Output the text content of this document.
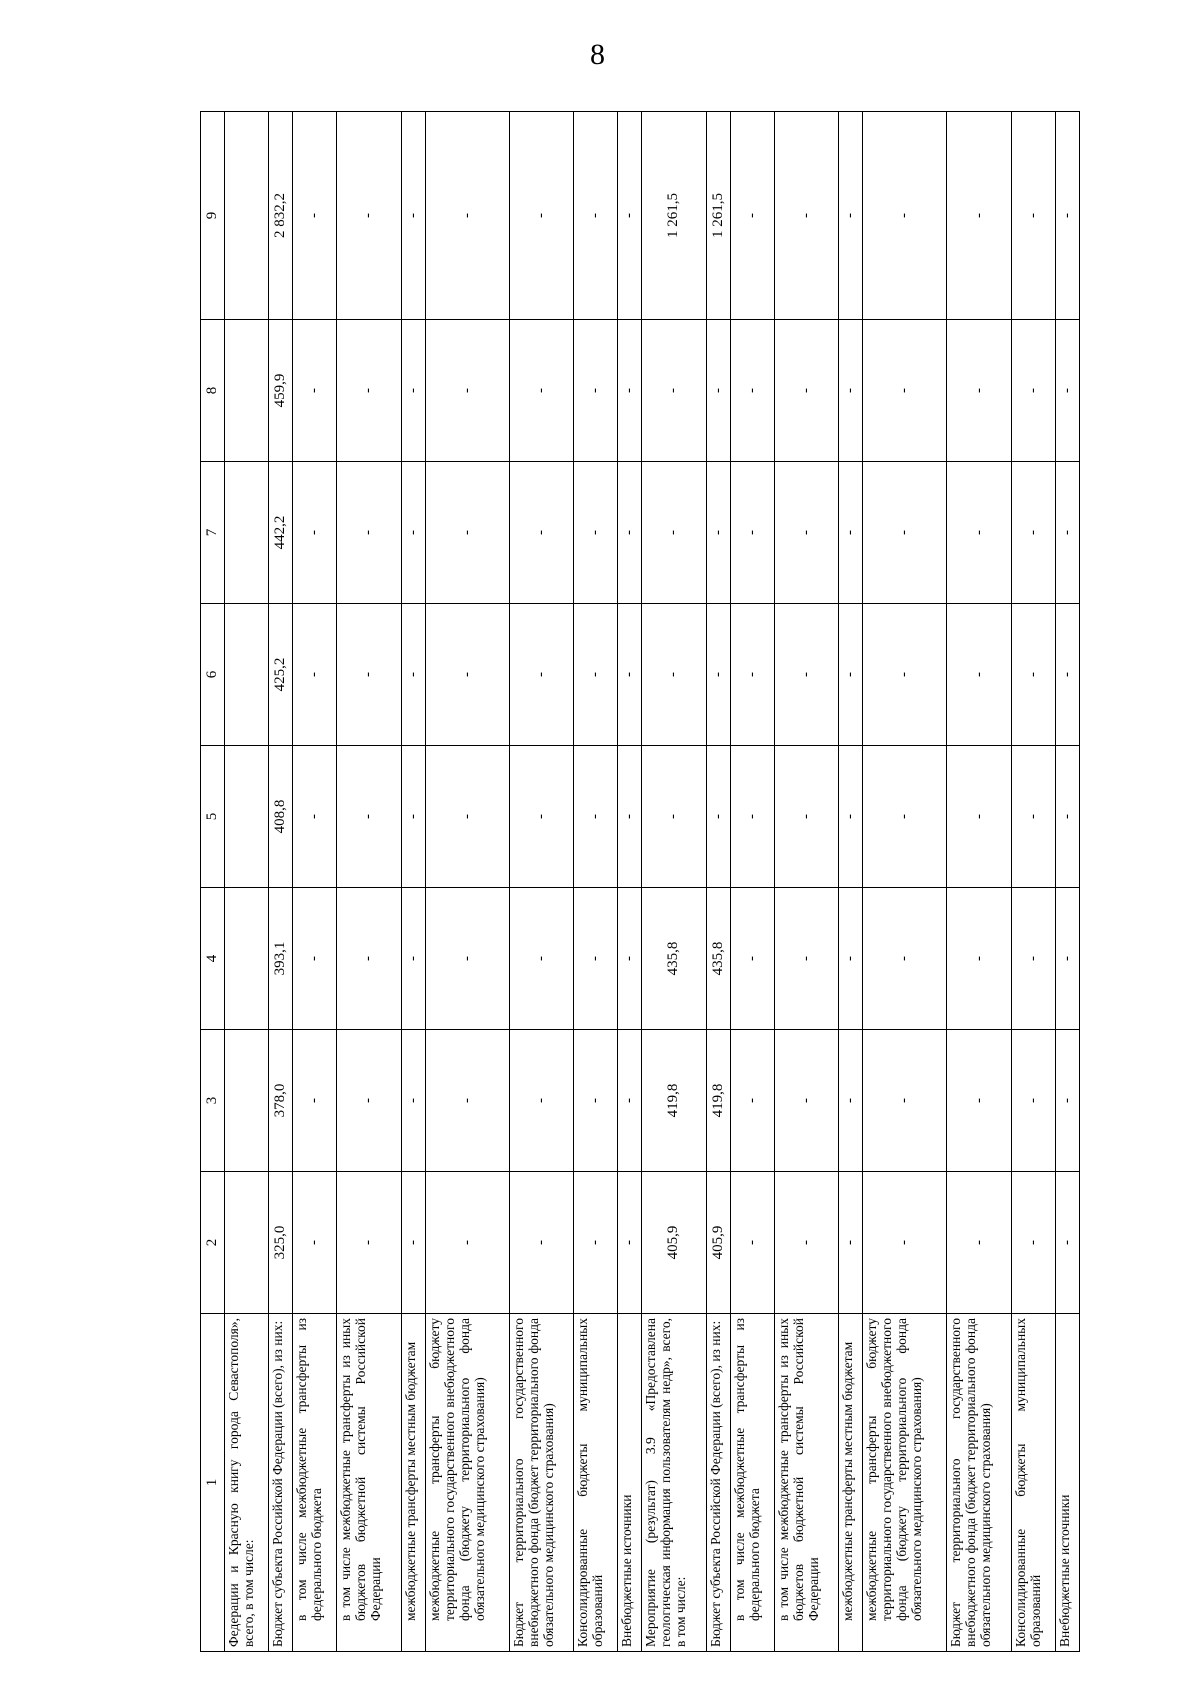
8
1	2	3	4	5	6	7	8	9
Федерации и Красную книгу города Севастополя», всего, в том числе:								
Бюджет субъекта Российской Федерации (всего), из них:	325,0	378,0	393,1	408,8	425,2	442,2	459,9	2 832,2
в том числе межбюджетные трансферты из федерального бюджета	-	-	-	-	-	-	-	-
в том числе межбюджетные трансферты из иных бюджетов бюджетной системы Российской Федерации	-	-	-	-	-	-	-	-
межбюджетные трансферты местным бюджетам	-	-	-	-	-	-	-	-
межбюджетные трансферты бюджету территориального государственного внебюджетного фонда (бюджету территориального фонда обязательного медицинского страхования)	-	-	-	-	-	-	-	-
Бюджет территориального государственного внебюджетного фонда (бюджет территориального фонда обязательного медицинского страхования)	-	-	-	-	-	-	-	-
Консолидированные бюджеты муниципальных образований	-	-	-	-	-	-	-	-
Внебюджетные источники	-	-	-	-	-	-	-	-
Мероприятие (результат) 3.9 «Предоставлена геологическая информация пользователям недр», всего, в том числе:	405,9	419,8	435,8	-	-	-	-	1 261,5
Бюджет субъекта Российской Федерации (всего), из них:	405,9	419,8	435,8	-	-	-	-	1 261,5
в том числе межбюджетные трансферты из федерального бюджета	-	-	-	-	-	-	-	-
в том числе межбюджетные трансферты из иных бюджетов бюджетной системы Российской Федерации	-	-	-	-	-	-	-	-
межбюджетные трансферты местным бюджетам	-	-	-	-	-	-	-	-
межбюджетные трансферты бюджету территориального государственного внебюджетного фонда (бюджету территориального фонда обязательного медицинского страхования)	-	-	-	-	-	-	-	-
Бюджет территориального государственного внебюджетного фонда (бюджет территориального фонда обязательного медицинского страхования)	-	-	-	-	-	-	-	-
Консолидированные бюджеты муниципальных образований	-	-	-	-	-	-	-	-
Внебюджетные источники	-	-	-	-	-	-	-	-
